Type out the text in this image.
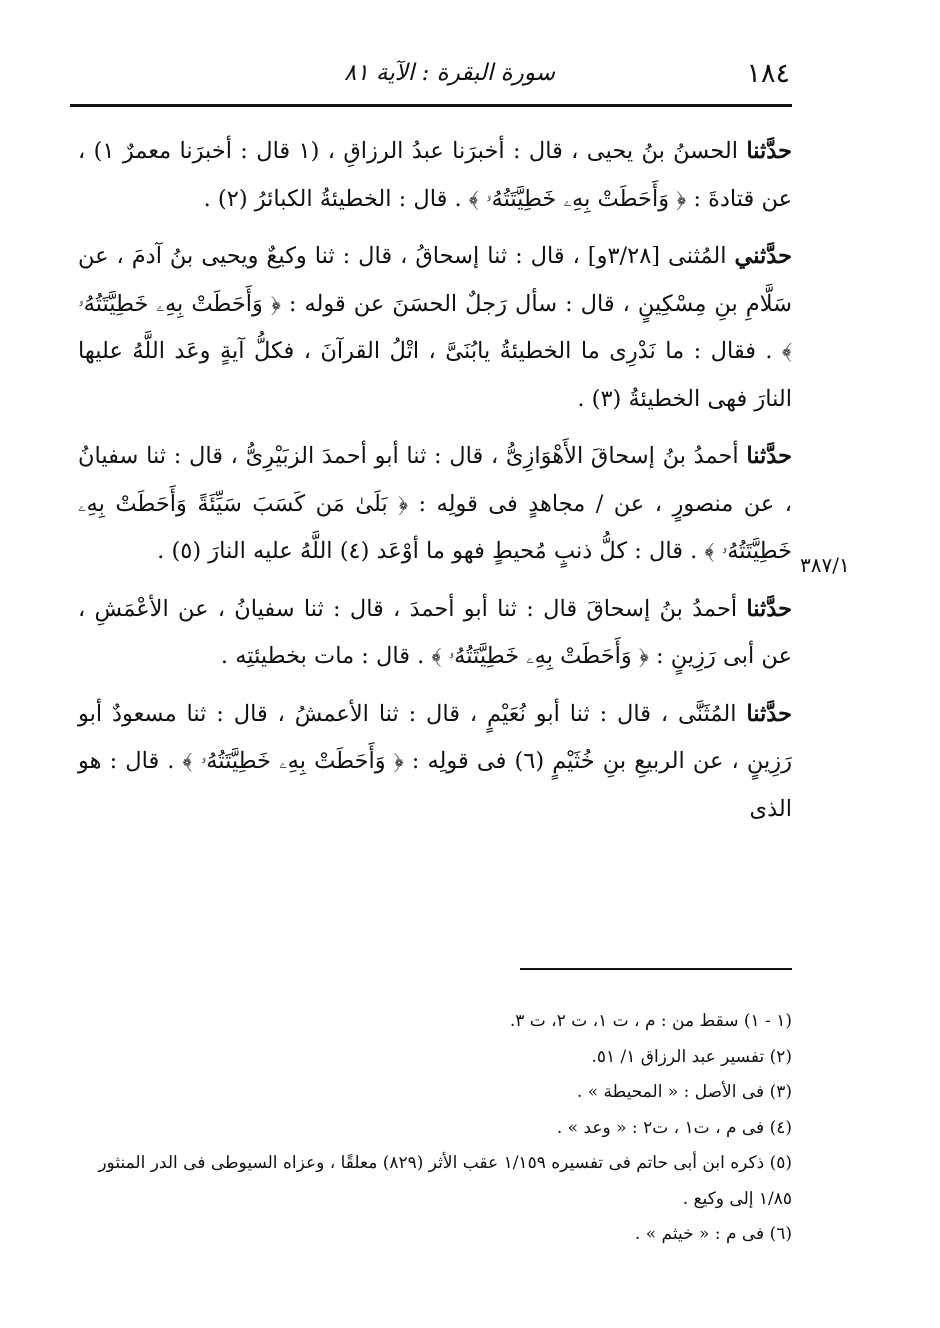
١٨٤
سورة البقرة : الآية ٨١

حدَّثنا الحسنُ بنُ يحيى ، قال : أخبرَنا عبدُ الرزاقِ ، (١ قال : أخبرَنا معمرٌ ١) ، عن قتادةَ : ﴿ وَأَحَطَتْ بِهِۦ خَطِيَّتَتُهُۥ ﴾ . قال : الخطيئةُ الكبائرُ (٢) .

حدَّثني المُثنى [٣/٢٨و] ، قال : ثنا إسحاقُ ، قال : ثنا وكيعٌ ويحيى بنُ آدمَ ، عن سَلَّامِ بنِ مِسْكِينٍ ، قال : سأل رَجلٌ الحسَنَ عن قوله : ﴿ وَأَحَطَتْ بِهِۦ خَطِيَّتَتُهُۥ ﴾ . فقال : ما نَدْرِى ما الخطيئةُ يابُنَىَّ ، اتْلُ القرآنَ ، فكلُّ آيةٍ وعَد اللَّهُ عليها النارَ فهى الخطيئةُ (٣) .

حدَّثنا أحمدُ بنُ إسحاقَ الأَهْوَازِىُّ ، قال : ثنا أبو أحمدَ الزبَيْرِىُّ ، قال : ثنا سفيانُ ، عن منصورٍ ، عن / مجاهدٍ فى قولِه : ﴿ بَلَىٰ مَن كَسَبَ سَيِّئَةً وَأَحَطَتْ بِهِۦ خَطِيَّتَتُهُۥ ﴾ . قال : كلُّ ذنبٍ مُحيطٍ فهو ما أوْعَد (٤) اللَّهُ عليه النارَ (٥) .

حدَّثنا أحمدُ بنُ إسحاقَ قال : ثنا أبو أحمدَ ، قال : ثنا سفيانُ ، عن الأعْمَشِ ، عن أبى رَزِينٍ : ﴿ وَأَحَطَتْ بِهِۦ خَطِيَّتَتُهُۥ ﴾ . قال : مات بخطيئتِه .

حدَّثنا المُثَنَّى ، قال : ثنا أبو نُعَيْمٍ ، قال : ثنا الأعمشُ ، قال : ثنا مسعودٌ أبو رَزِينٍ ، عن الربيعِ بنِ خُثَيْمٍ (٦) فى قولِه : ﴿ وَأَحَطَتْ بِهِۦ خَطِيَّتَتُهُۥ ﴾ . قال : هو الذى

٣٨٧/١

(١ - ١) سقط من : م ، ت ١، ت ٢، ت ٣.

(٢) تفسير عبد الرزاق ١/ ٥١.

(٣) فى الأصل : « المحيطة » .

(٤) فى م ، ت١ ، ت٢ : « وعد » .

(٥) ذكره ابن أبى حاتم فى تفسيره ١/١٥٩ عقب الأثر (٨٢٩) معلقًا ، وعزاه السيوطى فى الدر المنثور ١/٨٥ إلى وكيع .

(٦) فى م : « خيثم » .
